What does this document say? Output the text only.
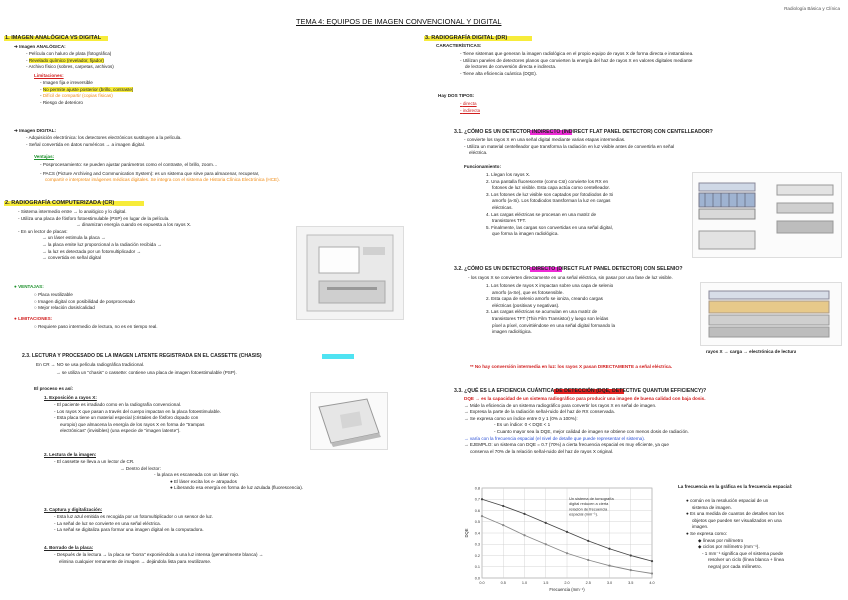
Radiología Básica y Clínica
TEMA 4: EQUIPOS DE IMAGEN CONVENCIONAL Y DIGITAL
1. IMAGEN ANALÓGICA VS DIGITAL
➔ Imagen ANALÓGICA:
- Película con haluro de plata (fotográfica)
- Revelado químico (revelador, fijador)
- Archivo físico (sobres, carpetas, archivos)
Limitaciones:
- Imagen fija e irreversible
- No permite ajuste posterior (brillo, contraste)
- Difícil de compartir (copias físicas)
- Riesgo de deterioro
➔ Imagen DIGITAL:
- Adquisición electrónica: los detectores electrónicos sustituyen a la película.
- Señal convertida en datos numéricos → a imagen digital.
Ventajas:
- Posprocesamiento: se pueden ajustar parámetros como el contraste, el brillo, zoom…
- PACS (Picture Archiving and Communication System): es un sistema que sirve para almacenar, recuperar,
compartir e interpretar imágenes médicas digitales. Se integra con el sistema de Historia Clínica Electrónica (HCE).
2. RADIOGRAFÍA COMPUTERIZADA (CR)
- Sistema intermedio entre → lo analógico y lo digital.
- Utiliza una placa de fósforo fotoestimulable (PSP) en lugar de la película.
→ dinamizan energía cuando es expuesta a los rayos X.
- En un lector de placas:
→ un láser estimula la placa →
→ la placa emite luz proporcional a la radiación recibida →
→ la luz es detectada por un fotomultiplicador →
→ convertida en señal digital
● VENTAJAS:
○ Placa reutilizable
○ Imagen digital con posibilidad de posprocesado
○ Mejor relación dosis/calidad
● LIMITACIONES:
○ Requiere paso intermedio de lectura, no es en tiempo real.
2.3. LECTURA Y PROCESADO DE LA IMAGEN LATENTE REGISTRADA EN EL CASSETTE (CHASIS)
En CR → NO se usa película radiográfica tradicional.
→ se utiliza un "chasis" o cassette: contiene una placa de imagen fotoestimulable (PSP).
El proceso es así:
1. Exposición a rayos X:
- El paciente es irradiado como en la radiografía convencional.
- Los rayos X que pasan a través del cuerpo impactan en la placa fotoestimulable.
- Esta placa tiene un material especial (cristales de fósforo dopado con
europio) que almacena la energía de los rayos X en forma de "trampas
electrónicas" (invisibles) (una especie de "imagen latente").
2. Lectura de la imagen:
- El cassette se lleva a un lector de CR.
→ Dentro del lector:
- la placa es escaneada con un láser rojo.
● El láser excita los e- atrapados
● Liberando esa energía en forma de luz azulada (fluorescencia).
3. Captura y digitalización:
- Esta luz azul emitida es recogida por un fotomultiplicador o un sensor de luz.
- La señal de luz se convierte en una señal eléctrica.
- La señal se digitaliza para formar una imagen digital en la computadora.
4. Borrado de la placa:
- Después de la lectura → la placa se "borra" exponiéndola a una luz intensa (generalmente blanca) →
elimina cualquier remanente de imagen → dejándola lista para reutilizarse.
3. RADIOGRAFÍA DIGITAL (DR)
CARACTERÍSTICAS:
- Tiene sistemas que generan la imagen radiológica en el propio equipo de rayos X de forma directa e instantánea.
- Utilizan paneles de detectores planos que convierten la energía del haz de rayos X en valores digitales mediante
de lectores de conversión directa e indirecta.
- Tiene alta eficiencia cuántica (DQE).
Hay DOS TIPOS:
- directa
- indirecta
3.1. ¿CÓMO ES UN DETECTOR INDIRECTO (INDIRECT FLAT PANEL DETECTOR) CON CENTELLEADOR?
- convierte los rayos X en una señal digital mediante varias etapas intermedias.
- Utiliza un material centelleador que transforma la radiación en luz visible antes de convertirla en señal
eléctrica.
Funcionamiento:
1. Llegan los rayos X.
2. Una pantalla fluorescente (como CsI) convierte los RX en
fotones de luz visible. Esta capa actúa como centelleador.
3. Los fotones de luz visible son captados por fotodiodos de Si
amorfo (a-Si). Los fotodiodos transforman la luz en cargas
eléctricas.
4. Las cargas eléctricas se procesan en una matriz de
transistores TFT.
5. Finalmente, las cargas son convertidas en una señal digital,
que forma la imagen radiológica.
3.2. ¿CÓMO ES UN DETECTOR DIRECTO (DIRECT FLAT PANEL DETECTOR) CON SELENIO?
- los rayos X se convierten directamente en una señal eléctrica, sin pasar por una fase de luz visible.
1. Los fotones de rayos X impactan sobre una capa de selenio
amorfo (a-Se), que es fotosensible.
2. Esta capa de selenio amorfo se ioniza, creando cargas
eléctricas (positivas y negativas).
3. Las cargas eléctricas se acumulan en una matriz de
transistores TFT (Thin Film Transistor) y luego son leídas
píxel a píxel, convirtiéndose en una señal digital formando la
imagen radiológica.
rayos X → carga → electrónica de lectura
** No hay conversión intermedia en luz: los rayos X pasan DIRECTAMENTE a señal eléctrica.
3.3. ¿QUÉ ES LA EFICIENCIA CUÁNTICA DE DETECCIÓN (DQE, DETECTIVE QUANTUM EFFICIENCY)?
DQE → es la capacidad de un sistema radiográfico para producir una imagen de buena calidad con baja dosis.
→ Mide la eficiencia de un sistema radiográfico para convertir los rayos X en señal de imagen.
→ Expresa la parte de la radiación señal-ruido del haz de RX conservada.
→ Se expresa como un índice entre 0 y 1 (0% a 100%):
- Es un índice: 0 < DQE < 1
- Cuanto mayor sea la DQE, mejor calidad de imagen se obtiene con menos dosis de radiación.
→ varía con la frecuencia espacial (el nivel de detalle que puede representar el sistema).
→ EJEMPLO: un sistema con DQE = 0.7 (70%) a cierta frecuencia espacial es muy eficiente, ya que
conserva el 70% de la relación señal-ruido del haz de rayos X original.
0.0	0.5	1.0	1.5	2.0	2.5	3.0	3.5	4.0
0.0
0.1
0.2
0.3
0.4
0.5
0.6
0.7
0.8
Frecuencia (mm⁻¹)
DQE
Un sistema de tomografía
digital reducen a cierta
relación de frecuencia
espacial (mm⁻¹).
La frecuencia en la gráfica es la frecuencia espacial:
● común en la resolución espacial de un
sistema de imagen.
● Es una medida de cuantos de detalles son los
objetos que pueden ser visualizados en una
imagen.
● Se expresa como:
◆ líneas por milímetro
◆ ciclos por milímetro (mm⁻¹).
- 1 mm⁻¹ significa que el sistema puede
resolver un ciclo (línea blanca + línea
negra) por cada milímetro.
